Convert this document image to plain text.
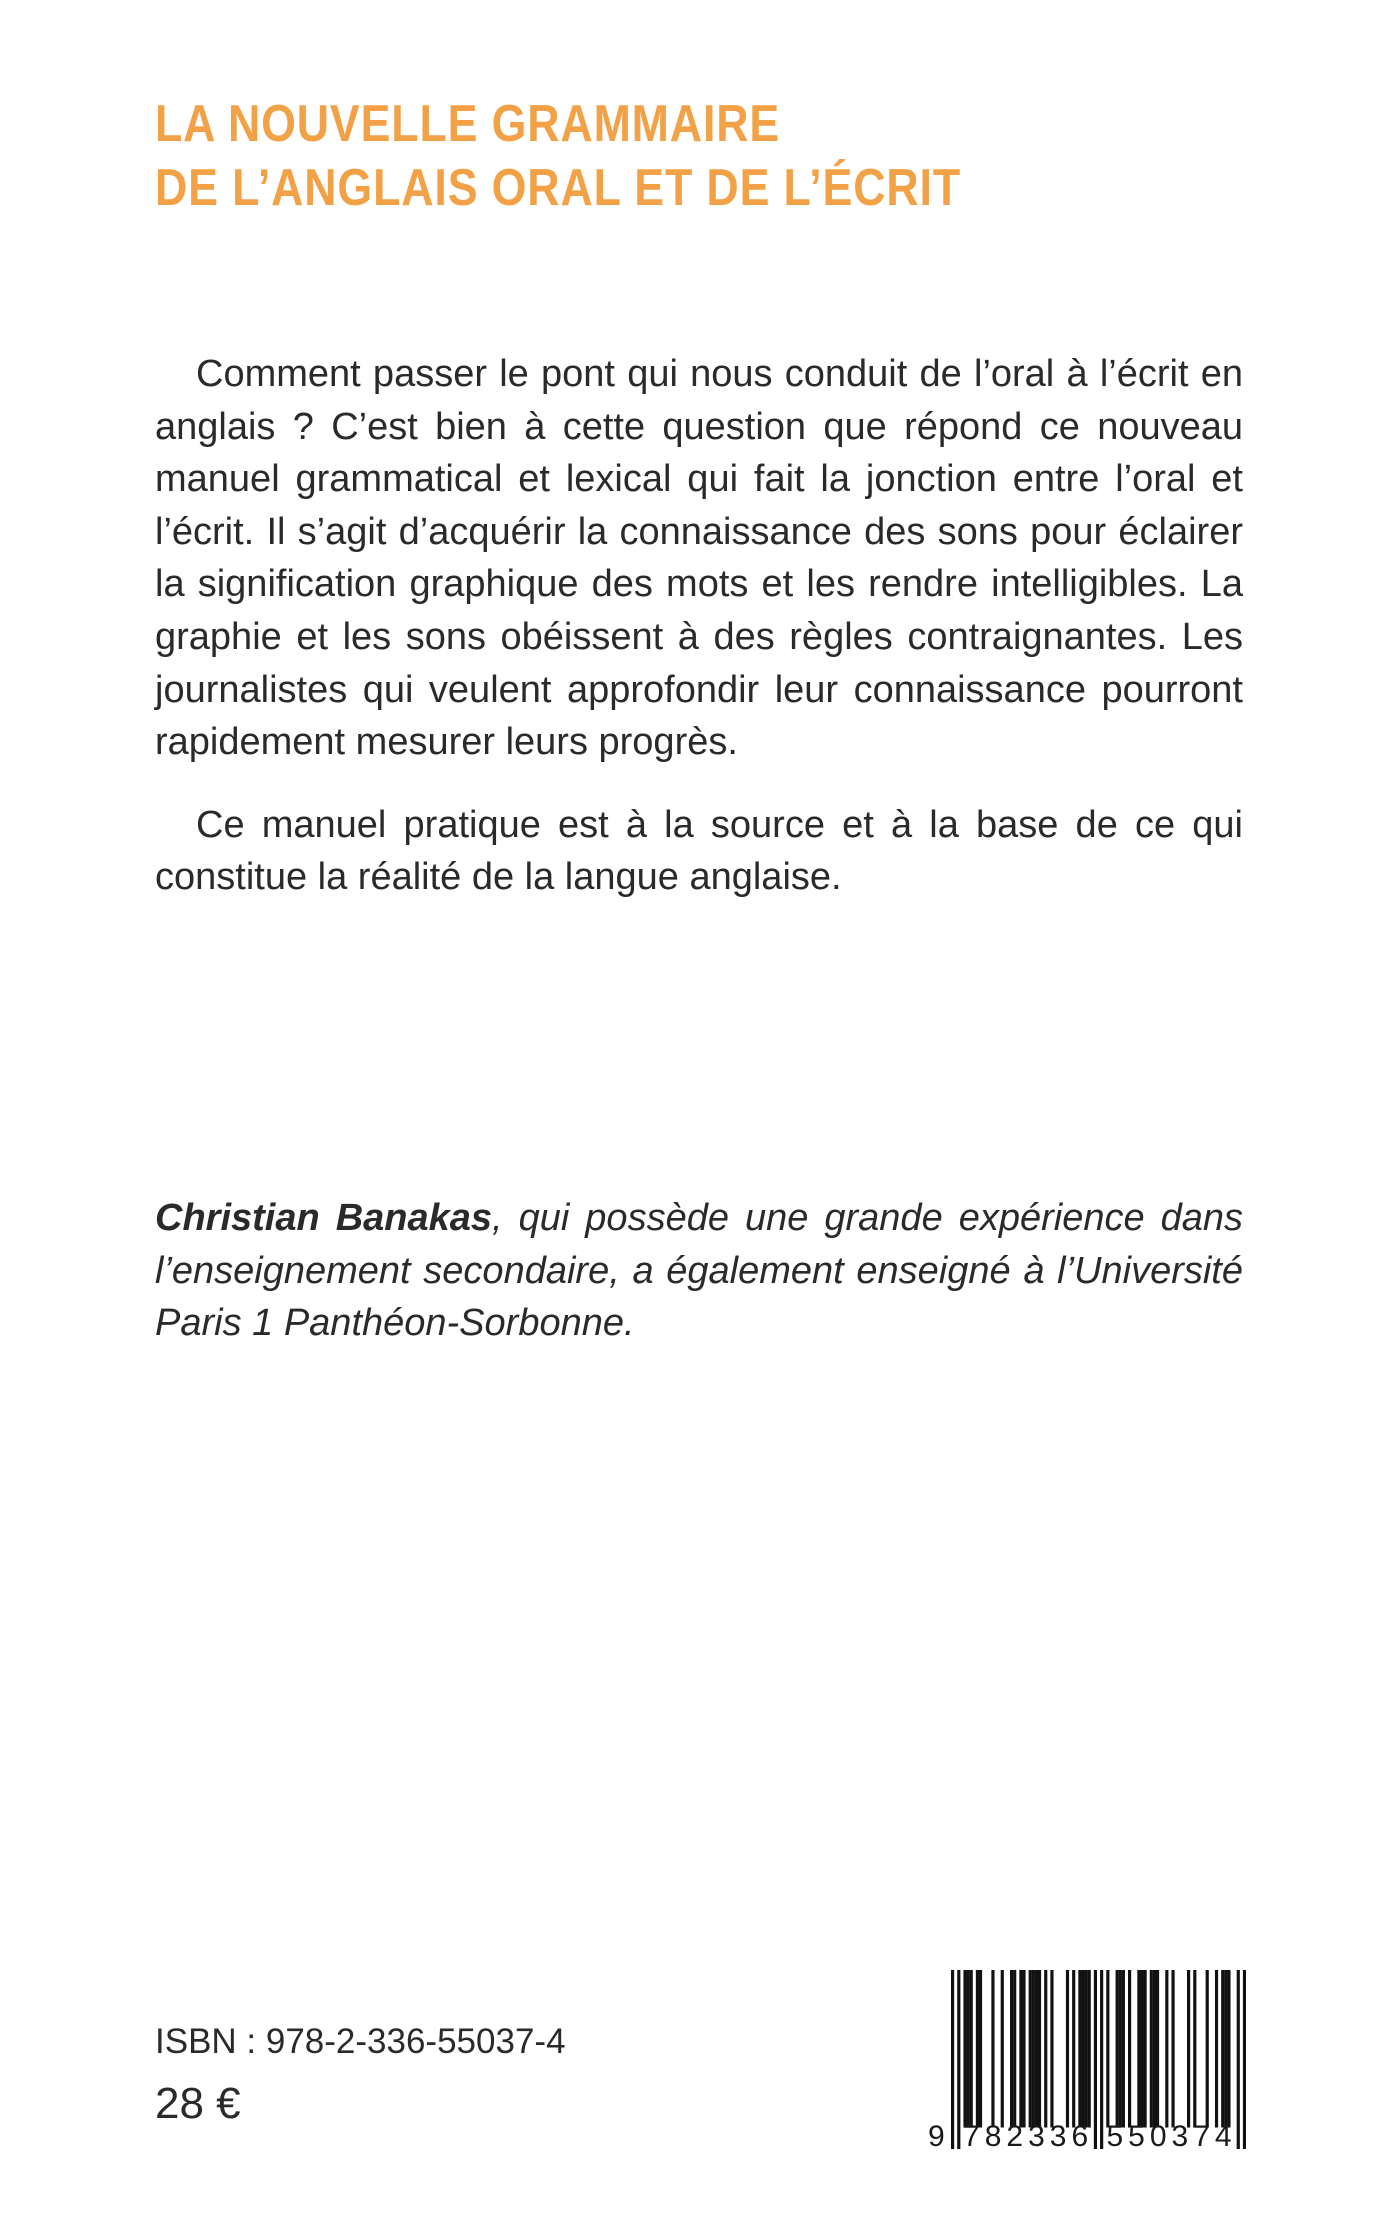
LA NOUVELLE GRAMMAIRE
DE L’ANGLAIS ORAL ET DE L’ÉCRIT

Comment passer le pont qui nous conduit de l’oral à l’écrit en anglais ? C’est bien à cette question que répond ce nouveau manuel grammatical et lexical qui fait la jonction entre l’oral et l’écrit. Il s’agit d’acquérir la connaissance des sons pour éclairer la signification graphique des mots et les rendre intelligibles. La graphie et les sons obéissent à des règles contraignantes. Les journalistes qui veulent approfondir leur connaissance pourront rapidement mesurer leurs progrès.

Ce manuel pratique est à la source et à la base de ce qui constitue la réalité de la langue anglaise.

Christian Banakas, qui possède une grande expérience dans l’enseignement secondaire, a également enseigné à l’Université Paris 1 Panthéon-Sorbonne.

ISBN : 978-2-336-55037-4

28 €

9 782336 550374
